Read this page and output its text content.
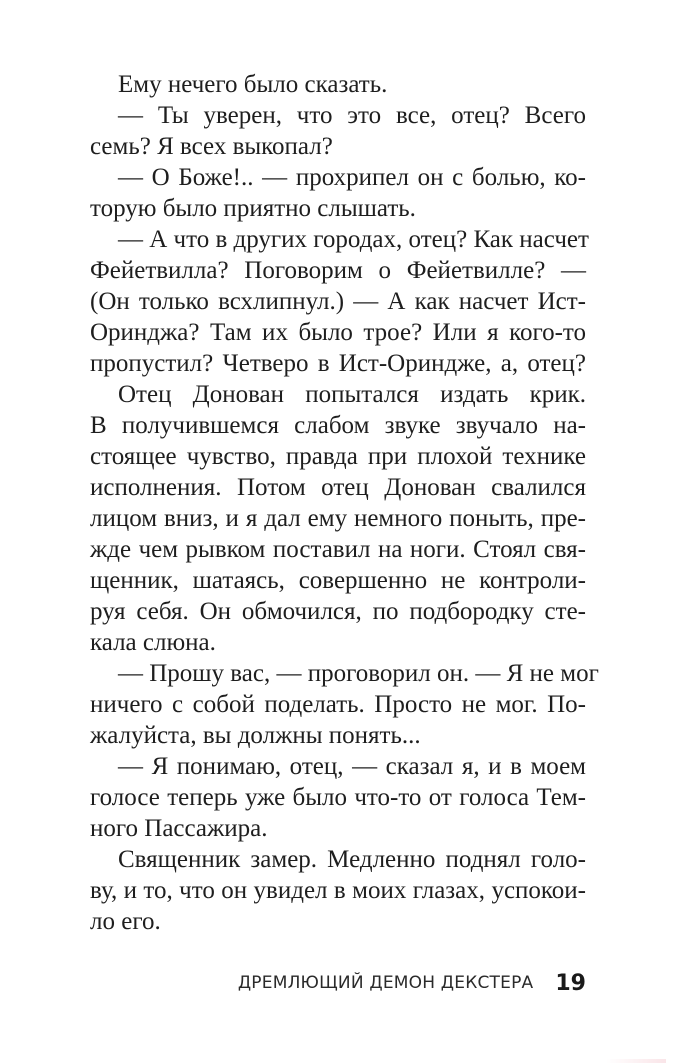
Ему нечего было сказать.
— Ты уверен, что это все, отец? Всего
семь? Я всех выкопал?
— О Боже!.. — прохрипел он с болью, ко-
торую было приятно слышать.
— А что в других городах, отец? Как насчет
Фейетвилла? Поговорим о Фейетвилле? —
(Он только всхлипнул.) — А как насчет Ист-
Оринджа? Там их было трое? Или я кого-то
пропустил? Четверо в Ист-Ориндже, а, отец?
Отец Донован попытался издать крик.
В получившемся слабом звуке звучало на-
стоящее чувство, правда при плохой технике
исполнения. Потом отец Донован свалился
лицом вниз, и я дал ему немного поныть, пре-
жде чем рывком поставил на ноги. Стоял свя-
щенник, шатаясь, совершенно не контроли-
руя себя. Он обмочился, по подбородку сте-
кала слюна.
— Прошу вас, — проговорил он. — Я не мог
ничего с собой поделать. Просто не мог. По-
жалуйста, вы должны понять...
— Я понимаю, отец, — сказал я, и в моем
голосе теперь уже было что-то от голоса Тем-
ного Пассажира.
Священник замер. Медленно поднял голо-
ву, и то, что он увидел в моих глазах, успокои-
ло его.
ДРЕМЛЮЩИЙ ДЕМОН ДЕКСТЕРА 19
